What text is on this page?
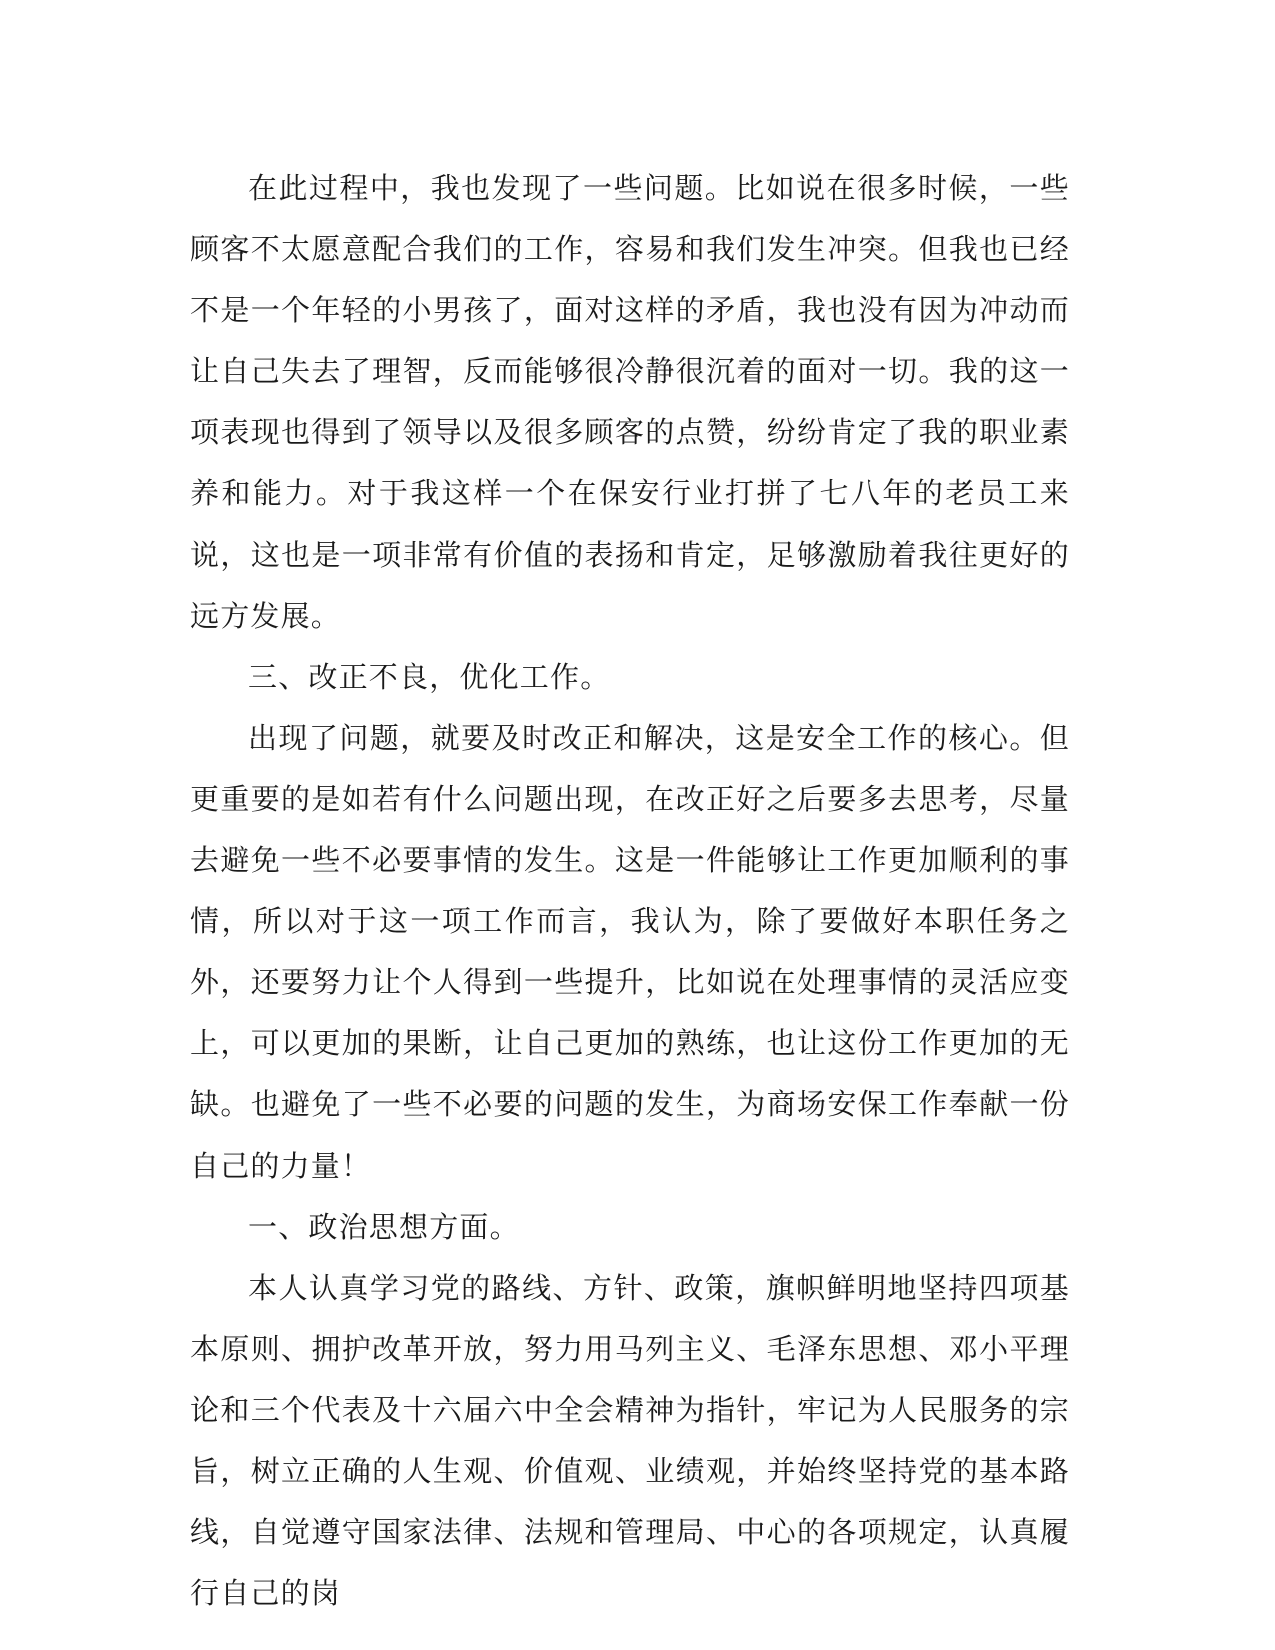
在此过程中，我也发现了一些问题。比如说在很多时候，一些顾客不太愿意配合我们的工作，容易和我们发生冲突。但我也已经不是一个年轻的小男孩了，面对这样的矛盾，我也没有因为冲动而让自己失去了理智，反而能够很冷静很沉着的面对一切。我的这一项表现也得到了领导以及很多顾客的点赞，纷纷肯定了我的职业素养和能力。对于我这样一个在保安行业打拼了七八年的老员工来说，这也是一项非常有价值的表扬和肯定，足够激励着我往更好的远方发展。

三、改正不良，优化工作。

出现了问题，就要及时改正和解决，这是安全工作的核心。但更重要的是如若有什么问题出现，在改正好之后要多去思考，尽量去避免一些不必要事情的发生。这是一件能够让工作更加顺利的事情，所以对于这一项工作而言，我认为，除了要做好本职任务之外，还要努力让个人得到一些提升，比如说在处理事情的灵活应变上，可以更加的果断，让自己更加的熟练，也让这份工作更加的无缺。也避免了一些不必要的问题的发生，为商场安保工作奉献一份自己的力量！

一、政治思想方面。

本人认真学习党的路线、方针、政策，旗帜鲜明地坚持四项基本原则、拥护改革开放，努力用马列主义、毛泽东思想、邓小平理论和三个代表及十六届六中全会精神为指针，牢记为人民服务的宗旨，树立正确的人生观、价值观、业绩观，并始终坚持党的基本路线，自觉遵守国家法律、法规和管理局、中心的各项规定，认真履行自己的岗
